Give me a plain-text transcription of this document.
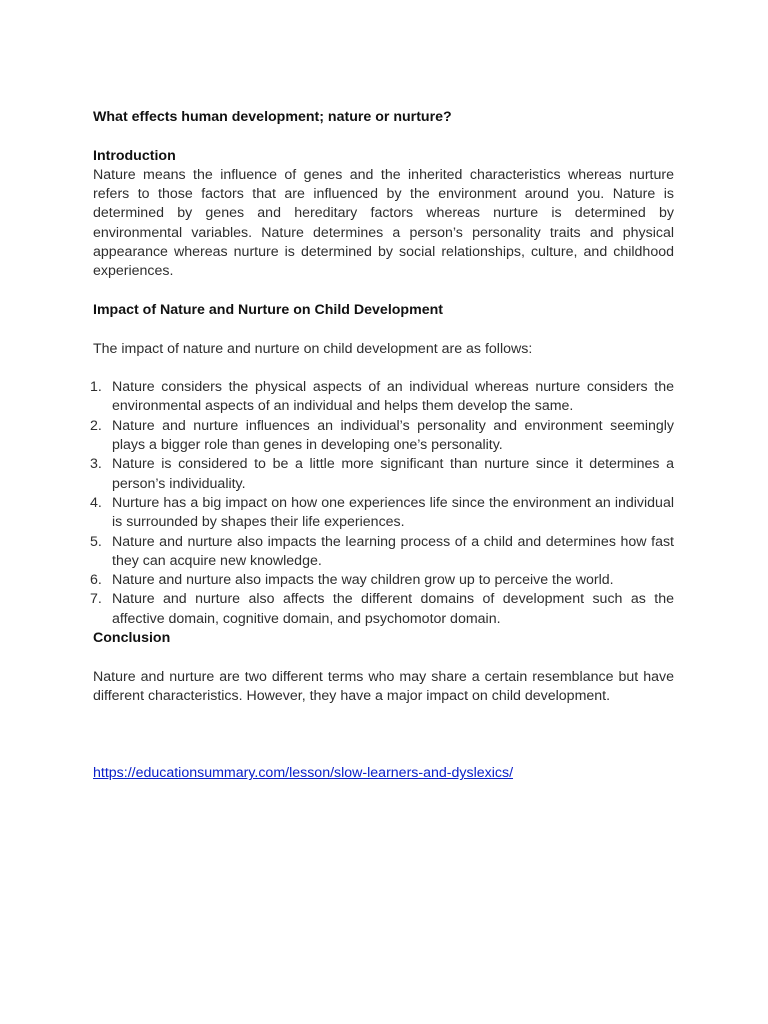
What effects human development; nature or nurture?
Introduction

Nature means the influence of genes and the inherited characteristics whereas nurture refers to those factors that are influenced by the environment around you. Nature is determined by genes and hereditary factors whereas nurture is determined by environmental variables. Nature determines a person’s personality traits and physical appearance whereas nurture is determined by social relationships, culture, and childhood experiences.

Impact of Nature and Nurture on Child Development

The impact of nature and nurture on child development are as follows:

1. Nature considers the physical aspects of an individual whereas nurture considers the environmental aspects of an individual and helps them develop the same.
2. Nature and nurture influences an individual’s personality and environment seemingly plays a bigger role than genes in developing one’s personality.
3. Nature is considered to be a little more significant than nurture since it determines a person’s individuality.
4. Nurture has a big impact on how one experiences life since the environment an individual is surrounded by shapes their life experiences.
5. Nature and nurture also impacts the learning process of a child and determines how fast they can acquire new knowledge.
6. Nature and nurture also impacts the way children grow up to perceive the world.
7. Nature and nurture also affects the different domains of development such as the affective domain, cognitive domain, and psychomotor domain.
Conclusion

Nature and nurture are two different terms who may share a certain resemblance but have different characteristics. However, they have a major impact on child development.

https://educationsummary.com/lesson/slow-learners-and-dyslexics/
